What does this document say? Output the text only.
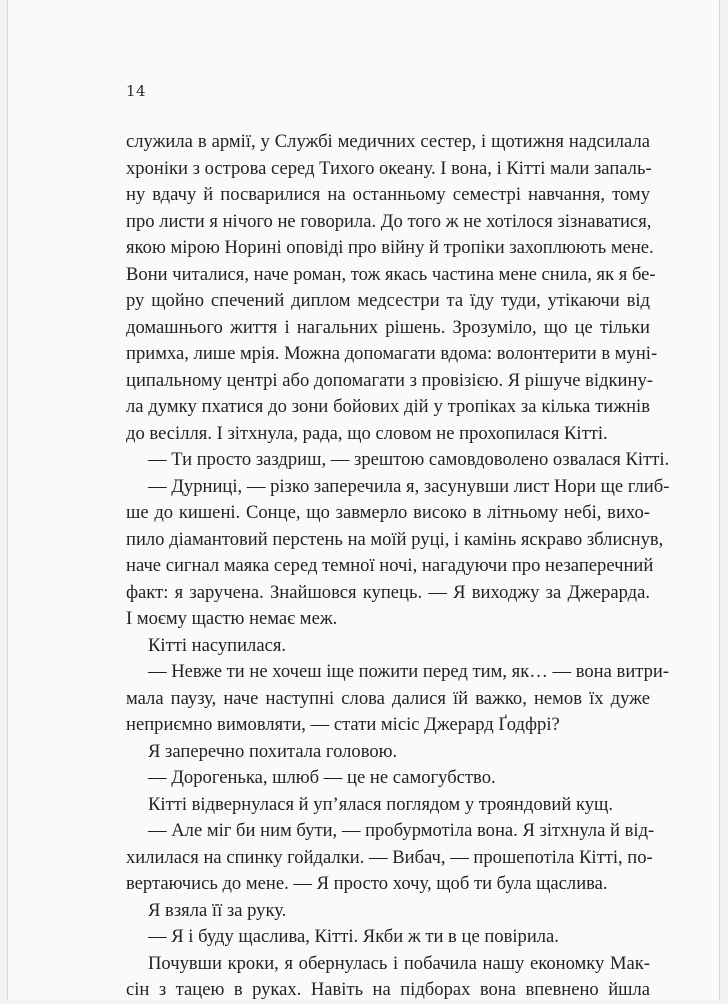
14
служила в армії, у Службі медичних сестер, і щотижня надсилала
хроніки з острова серед Тихого океану. І вона, і Кітті мали запаль-
ну вдачу й посварилися на останньому семестрі навчання, тому
про листи я нічого не говорила. До того ж не хотілося зізнаватися,
якою мірою Норині оповіді про війну й тропіки захоплюють мене.
Вони читалися, наче роман, тож якась частина мене снила, як я бе-
ру щойно спечений диплом медсестри та їду туди, утікаючи від
домашнього життя і нагальних рішень. Зрозуміло, що це тільки
примха, лише мрія. Можна допомагати вдома: волонтерити в муні-
ципальному центрі або допомагати з провізією. Я рішуче відкину-
ла думку пхатися до зони бойових дій у тропіках за кілька тижнів
до весілля. І зітхнула, рада, що словом не прохопилася Кітті.
— Ти просто заздриш, — зрештою самовдоволено озвалася Кітті.
— Дурниці, — різко заперечила я, засунувши лист Нори ще глиб-
ше до кишені. Сонце, що завмерло високо в літньому небі, вихо-
пило діамантовий перстень на моїй руці, і камінь яскраво зблиснув,
наче сигнал маяка серед темної ночі, нагадуючи про незаперечний
факт: я заручена. Знайшовся купець. — Я виходжу за Джерарда.
І моєму щастю немає меж.
Кітті насупилася.
— Невже ти не хочеш іще пожити перед тим, як… — вона витри-
мала паузу, наче наступні слова далися їй важко, немов їх дуже
неприємно вимовляти, — стати місіс Джерард Ґодфрі?
Я заперечно похитала головою.
— Дорогенька, шлюб — це не самогубство.
Кітті відвернулася й уп’ялася поглядом у трояндовий кущ.
— Але міг би ним бути, — пробурмотіла вона. Я зітхнула й від-
хилилася на спинку гойдалки. — Вибач, — прошепотіла Кітті, по-
вертаючись до мене. — Я просто хочу, щоб ти була щаслива.
Я взяла її за руку.
— Я і буду щаслива, Кітті. Якби ж ти в це повірила.
Почувши кроки, я обернулась і побачила нашу економку Мак-
сін з тацею в руках. Навіть на підборах вона впевнено йшла
